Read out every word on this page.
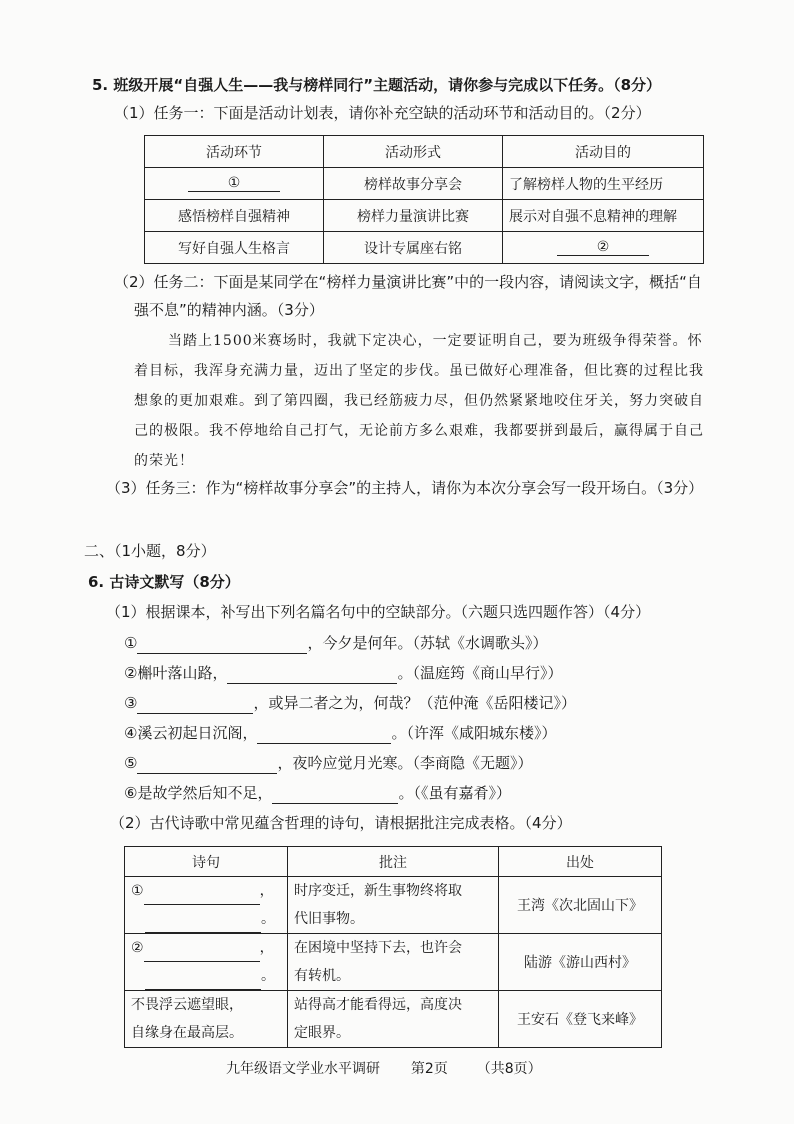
5. 班级开展“自强人生——我与榜样同行”主题活动，请你参与完成以下任务。（8分）
（1）任务一：下面是活动计划表，请你补充空缺的活动环节和活动目的。（2分）
活动环节	活动形式	活动目的
①	榜样故事分享会	了解榜样人物的生平经历
感悟榜样自强精神	榜样力量演讲比赛	展示对自强不息精神的理解
写好自强人生格言	设计专属座右铭	②
（2）任务二：下面是某同学在“榜样力量演讲比赛”中的一段内容，请阅读文字，概括“自
强不息”的精神内涵。（3分）
当踏上1500米赛场时，我就下定决心，一定要证明自己，要为班级争得荣誉。怀着目标，我浑身充满力量，迈出了坚定的步伐。虽已做好心理准备，但比赛的过程比我想象的更加艰难。到了第四圈，我已经筋疲力尽，但仍然紧紧地咬住牙关，努力突破自己的极限。我不停地给自己打气，无论前方多么艰难，我都要拼到最后，赢得属于自己的荣光！
（3）任务三：作为“榜样故事分享会”的主持人，请你为本次分享会写一段开场白。（3分）
二、（1小题，8分）
6. 古诗文默写（8分）
（1）根据课本，补写出下列名篇名句中的空缺部分。（六题只选四题作答）（4分）
①	，今夕是何年。（苏轼《水调歌头》）
②槲叶落山路，	。（温庭筠《商山早行》）
③	，或异二者之为，何哉？（范仲淹《岳阳楼记》）
④溪云初起日沉阁，	。（许浑《咸阳城东楼》）
⑤	，夜吟应觉月光寒。（李商隐《无题》）
⑥是故学然后知不足，	。（《虽有嘉肴》）
（2）古代诗歌中常见蕴含哲理的诗句，请根据批注完成表格。（4分）
诗句	批注	出处

① ，
。	时序变迁，新生事物终将取
代旧事物。	王湾《次北固山下》

② ，
。	在困境中坚持下去，也许会
有转机。	陆游《游山西村》

不畏浮云遮望眼，
自缘身在最高层。	站得高才能看得远，高度决
定眼界。	王安石《登飞来峰》
九年级语文学业水平调研 第2页 （共8页）
